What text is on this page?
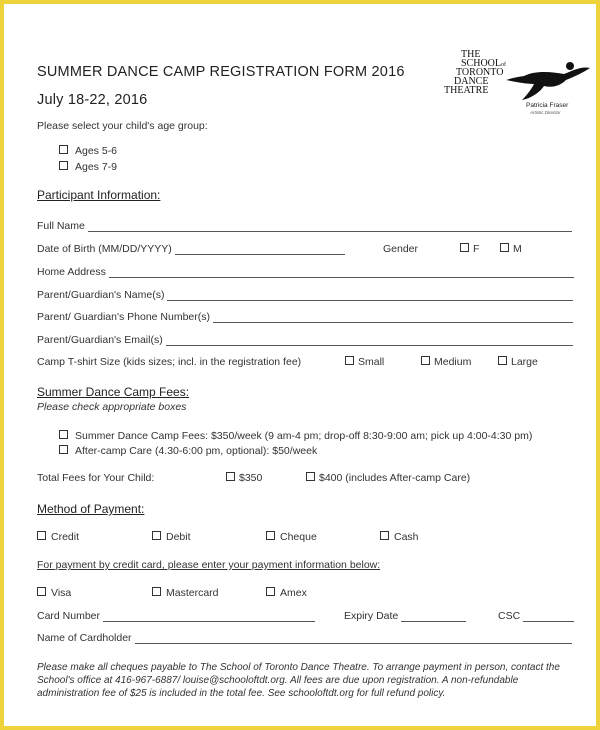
SUMMER DANCE CAMP REGISTRATION FORM 2016
July 18-22, 2016
Please select your child's age group:
Ages 5-6
Ages 7-9
THE
SCHOOLof
TORONTO
DANCE
THEATRE
Patricia Fraser
Artistic Director
Participant Information:
Full Name
Date of Birth (MM/DD/YYYY)	Gender	F	M
Home Address
Parent/Guardian's Name(s)
Parent/ Guardian's Phone Number(s)
Parent/Guardian's Email(s)
Camp T-shirt Size (kids sizes; incl. in the registration fee)	Small	Medium	Large
Summer Dance Camp Fees:
Please check appropriate boxes
Summer Dance Camp Fees: $350/week (9 am-4 pm; drop-off 8:30-9:00 am; pick up 4:00-4:30 pm)
After-camp Care (4.30-6:00 pm, optional): $50/week
Total Fees for Your Child:	$350	$400 (includes After-camp Care)
Method of Payment:
Credit	Debit	Cheque	Cash
For payment by credit card, please enter your payment information below:
Visa	Mastercard	Amex
Card Number	Expiry Date	CSC
Name of Cardholder
Please make all cheques payable to The School of Toronto Dance Theatre. To arrange payment in person, contact the
School's office at 416-967-6887/ louise@schooloftdt.org. All fees are due upon registration. A non-refundable
administration fee of $25 is included in the total fee. See schooloftdt.org for full refund policy.
